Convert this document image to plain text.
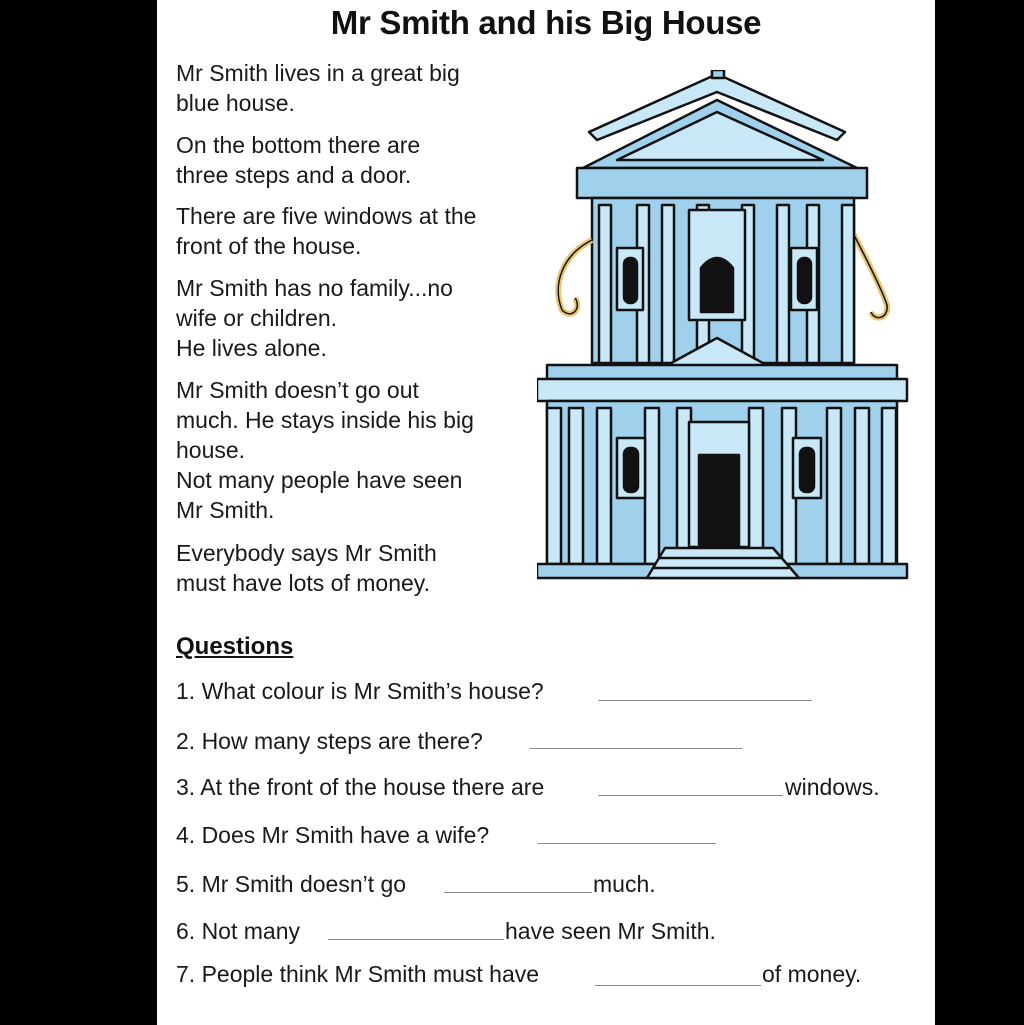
Mr Smith and his Big House
Mr Smith lives in a great big
blue house.
On the bottom there are
three steps and a door.
There are five windows at the
front of the house.
Mr Smith has no family...no
wife or children.
He lives alone.
Mr Smith doesn’t go out
much. He stays inside his big
house.
Not many people have seen
Mr Smith.
Everybody says Mr Smith
must have lots of money.
Questions
1. What colour is Mr Smith’s house?
2. How many steps are there?
3. At the front of the house there are	windows.
4. Does Mr Smith have a wife?
5. Mr Smith doesn’t go	much.
6. Not many	have seen Mr Smith.
7. People think Mr Smith must have	of money.
